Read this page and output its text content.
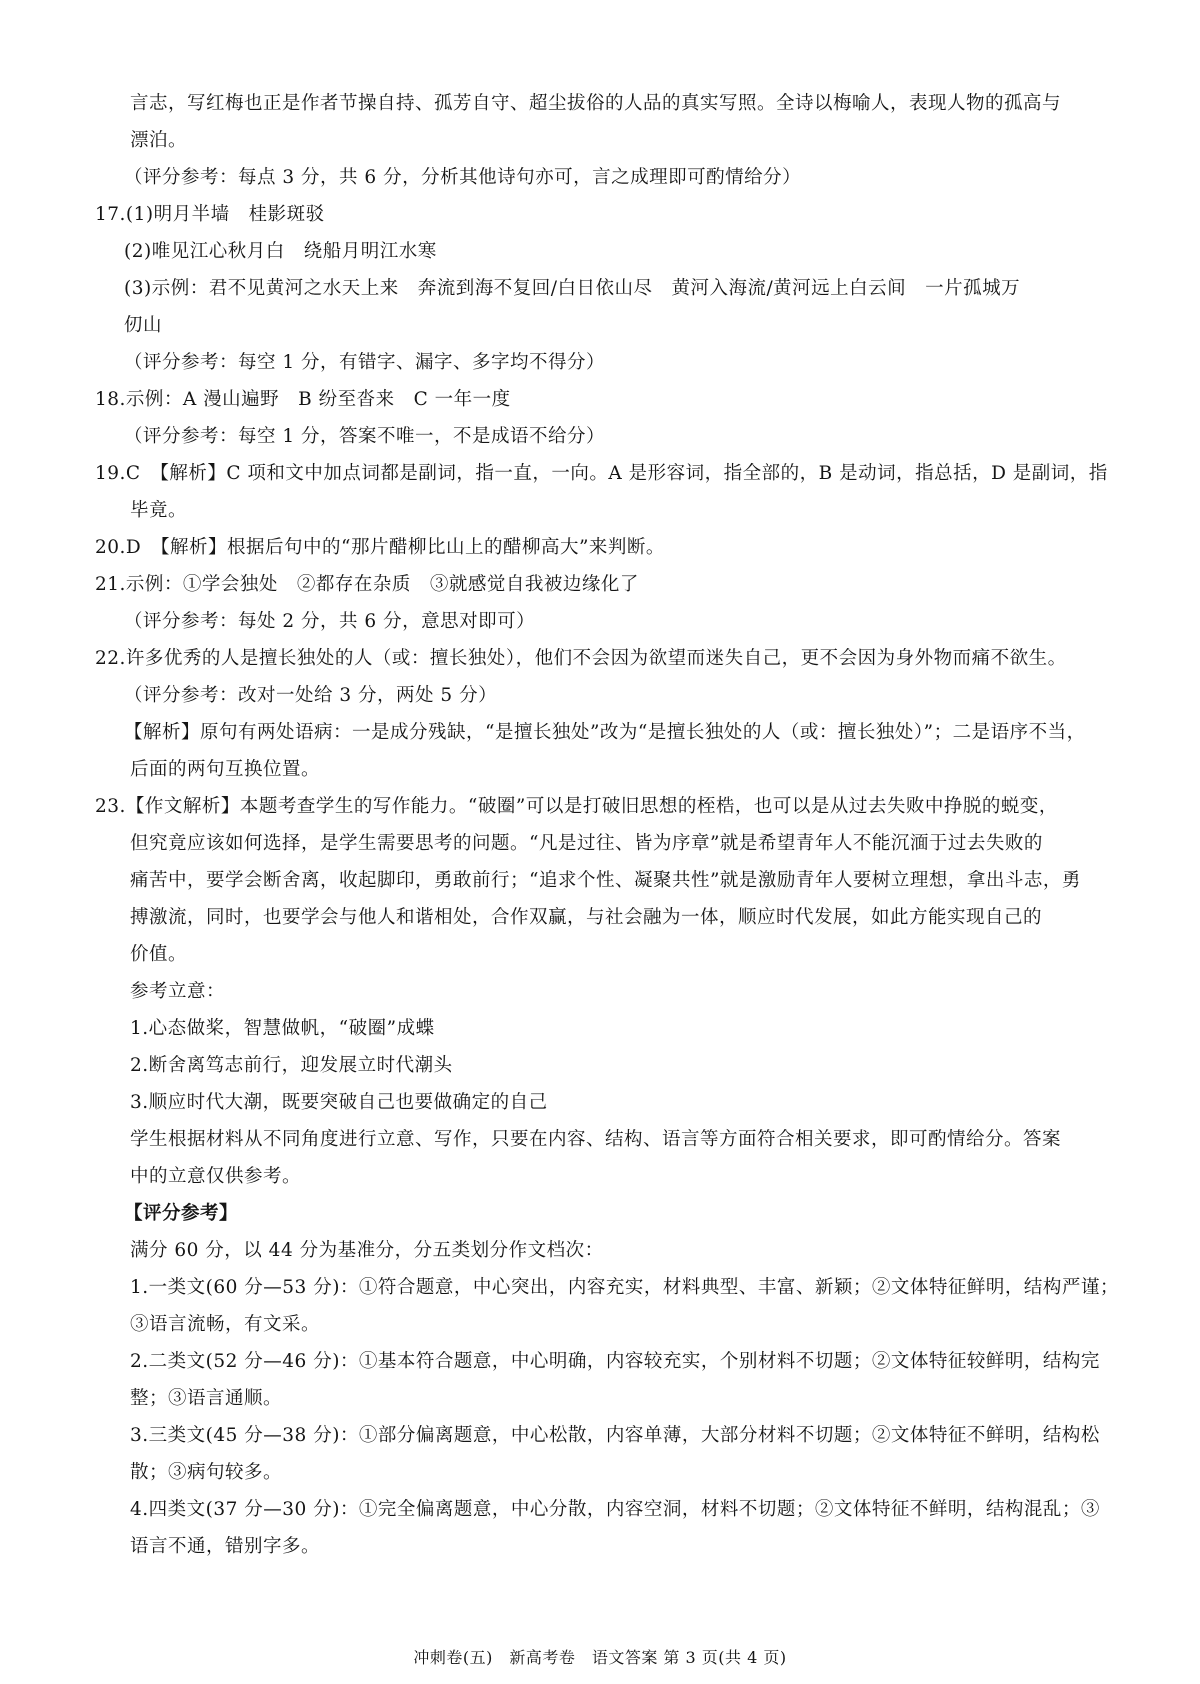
言志，写红梅也正是作者节操自持、孤芳自守、超尘拔俗的人品的真实写照。全诗以梅喻人，表现人物的孤高与
漂泊。
（评分参考：每点 3 分，共 6 分，分析其他诗句亦可，言之成理即可酌情给分）
17.(1)明月半墙　桂影斑驳
(2)唯见江心秋月白　绕船月明江水寒
(3)示例：君不见黄河之水天上来　奔流到海不复回/白日依山尽　黄河入海流/黄河远上白云间　一片孤城万
仞山
（评分参考：每空 1 分，有错字、漏字、多字均不得分）
18.示例：A 漫山遍野　B 纷至沓来　C 一年一度
（评分参考：每空 1 分，答案不唯一，不是成语不给分）
19.C　【解析】C 项和文中加点词都是副词，指一直，一向。A 是形容词，指全部的，B 是动词，指总括，D 是副词，指
毕竟。
20.D　【解析】根据后句中的“那片醋柳比山上的醋柳高大”来判断。
21.示例：①学会独处　②都存在杂质　③就感觉自我被边缘化了
（评分参考：每处 2 分，共 6 分，意思对即可）
22.许多优秀的人是擅长独处的人（或：擅长独处），他们不会因为欲望而迷失自己，更不会因为身外物而痛不欲生。
（评分参考：改对一处给 3 分，两处 5 分）
【解析】原句有两处语病：一是成分残缺，“是擅长独处”改为“是擅长独处的人（或：擅长独处）”；二是语序不当，
后面的两句互换位置。
23.【作文解析】本题考查学生的写作能力。“破圈”可以是打破旧思想的桎梏，也可以是从过去失败中挣脱的蜕变，
但究竟应该如何选择，是学生需要思考的问题。“凡是过往、皆为序章”就是希望青年人不能沉湎于过去失败的
痛苦中，要学会断舍离，收起脚印，勇敢前行；“追求个性、凝聚共性”就是激励青年人要树立理想，拿出斗志，勇
搏激流，同时，也要学会与他人和谐相处，合作双赢，与社会融为一体，顺应时代发展，如此方能实现自己的
价值。
参考立意：
1.心态做桨，智慧做帆，“破圈”成蝶
2.断舍离笃志前行，迎发展立时代潮头
3.顺应时代大潮，既要突破自己也要做确定的自己
学生根据材料从不同角度进行立意、写作，只要在内容、结构、语言等方面符合相关要求，即可酌情给分。答案
中的立意仅供参考。
【评分参考】
满分 60 分，以 44 分为基准分，分五类划分作文档次：
1.一类文(60 分—53 分)：①符合题意，中心突出，内容充实，材料典型、丰富、新颖；②文体特征鲜明，结构严谨；
③语言流畅，有文采。
2.二类文(52 分—46 分)：①基本符合题意，中心明确，内容较充实，个别材料不切题；②文体特征较鲜明，结构完
整；③语言通顺。
3.三类文(45 分—38 分)：①部分偏离题意，中心松散，内容单薄，大部分材料不切题；②文体特征不鲜明，结构松
散；③病句较多。
4.四类文(37 分—30 分)：①完全偏离题意，中心分散，内容空洞，材料不切题；②文体特征不鲜明，结构混乱；③
语言不通，错别字多。
冲刺卷(五)　新高考卷　语文答案 第 3 页(共 4 页)
